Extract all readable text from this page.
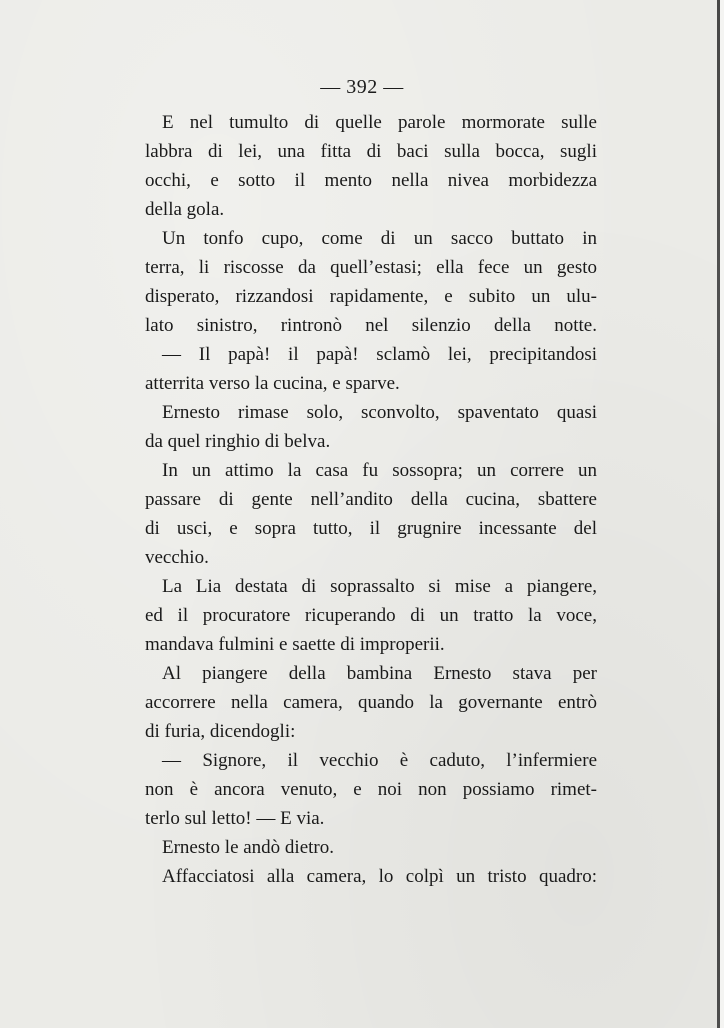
— 392 —
E nel tumulto di quelle parole mormorate sulle
labbra di lei, una fitta di baci sulla bocca, sugli
occhi, e sotto il mento nella nivea morbidezza
della gola.
Un tonfo cupo, come di un sacco buttato in
terra, li riscosse da quell’estasi; ella fece un gesto
disperato, rizzandosi rapidamente, e subito un ulu-
lato sinistro, rintronò nel silenzio della notte.
— Il papà! il papà! sclamò lei, precipitandosi
atterrita verso la cucina, e sparve.
Ernesto rimase solo, sconvolto, spaventato quasi
da quel ringhio di belva.
In un attimo la casa fu sossopra; un correre un
passare di gente nell’andito della cucina, sbattere
di usci, e sopra tutto, il grugnire incessante del
vecchio.
La Lia destata di soprassalto si mise a piangere,
ed il procuratore ricuperando di un tratto la voce,
mandava fulmini e saette di improperii.
Al piangere della bambina Ernesto stava per
accorrere nella camera, quando la governante entrò
di furia, dicendogli:
— Signore, il vecchio è caduto, l’infermiere
non è ancora venuto, e noi non possiamo rimet-
terlo sul letto! — E via.
Ernesto le andò dietro.
Affacciatosi alla camera, lo colpì un tristo quadro:
